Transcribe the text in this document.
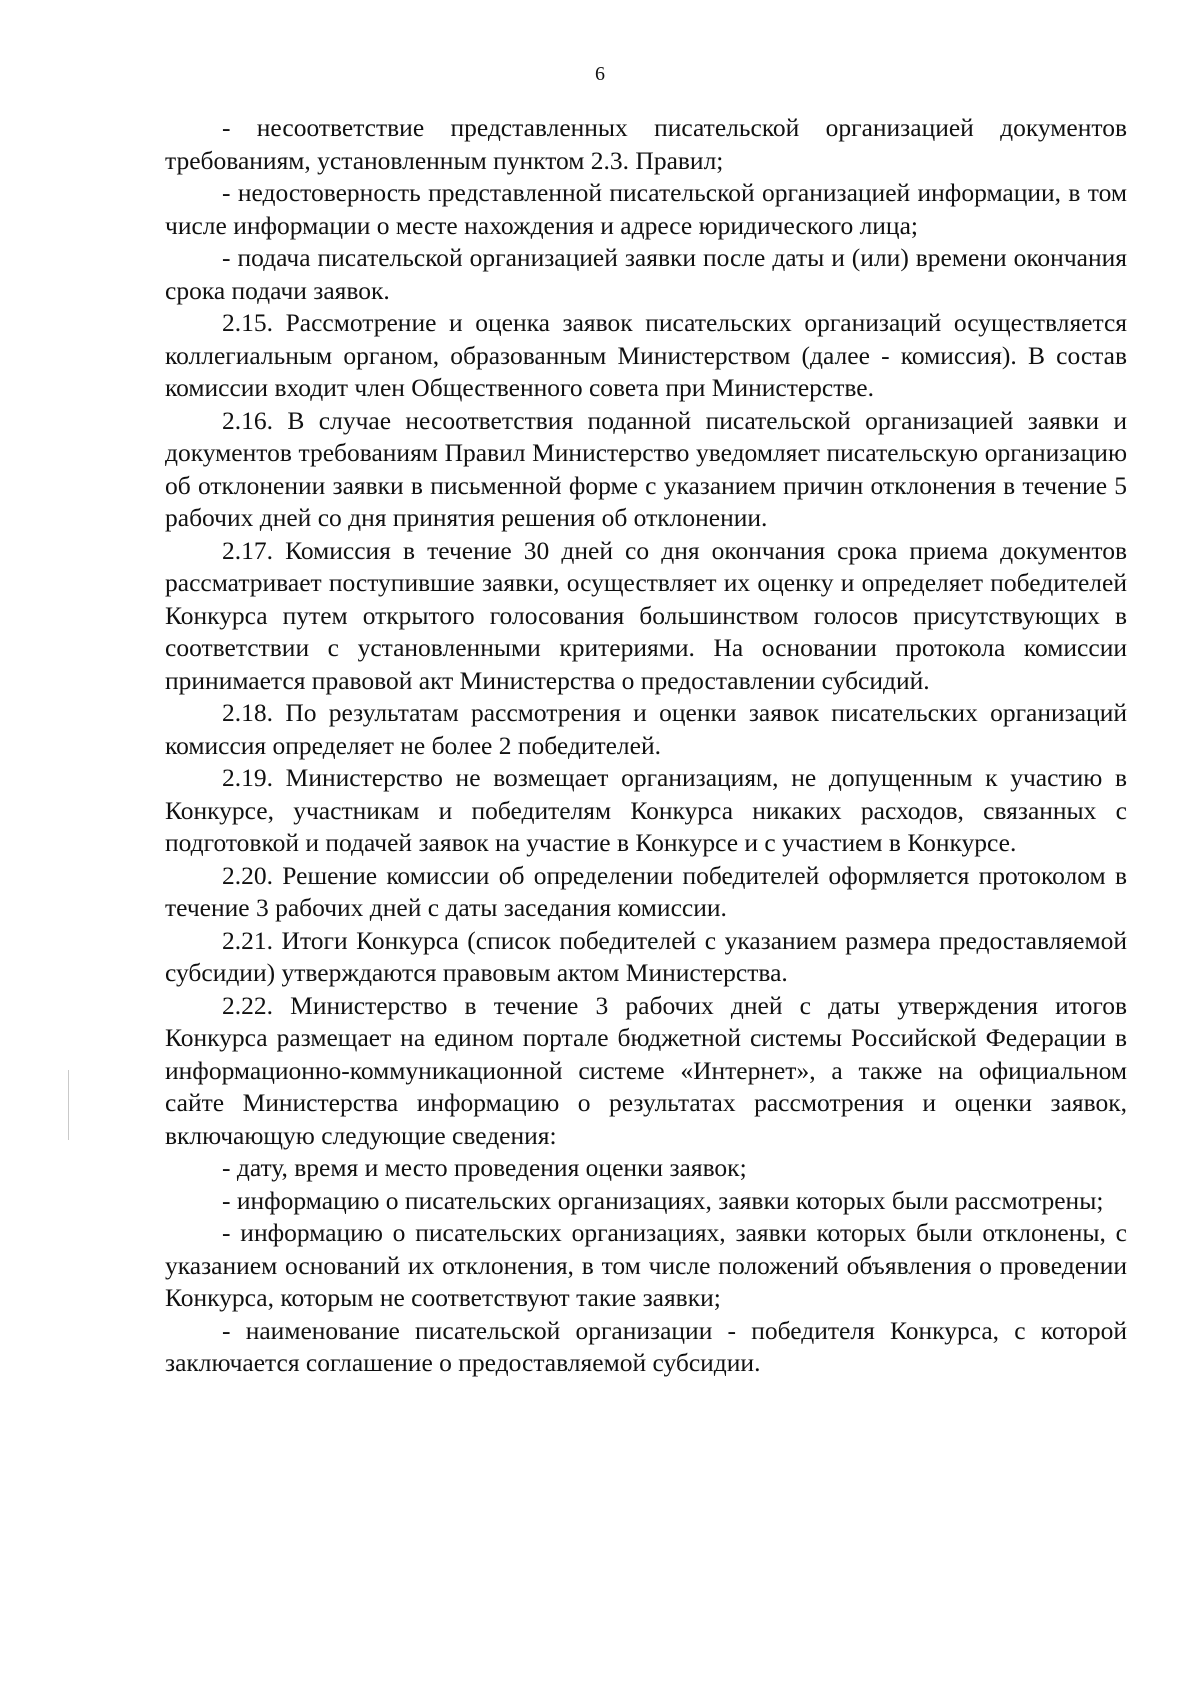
6

- несоответствие представленных писательской организацией документов требованиям, установленным пунктом 2.3. Правил;

- недостоверность представленной писательской организацией информации, в том числе информации о месте нахождения и адресе юридического лица;

- подача писательской организацией заявки после даты и (или) времени окончания срока подачи заявок.

2.15. Рассмотрение и оценка заявок писательских организаций осуществляется коллегиальным органом, образованным Министерством (далее - комиссия). В состав комиссии входит член Общественного совета при Министерстве.

2.16. В случае несоответствия поданной писательской организацией заявки и документов требованиям Правил Министерство уведомляет писательскую организацию об отклонении заявки в письменной форме с указанием причин отклонения в течение 5 рабочих дней со дня принятия решения об отклонении.

2.17. Комиссия в течение 30 дней со дня окончания срока приема документов рассматривает поступившие заявки, осуществляет их оценку и определяет победителей Конкурса путем открытого голосования большинством голосов присутствующих в соответствии с установленными критериями. На основании протокола комиссии принимается правовой акт Министерства о предоставлении субсидий.

2.18. По результатам рассмотрения и оценки заявок писательских организаций комиссия определяет не более 2 победителей.

2.19. Министерство не возмещает организациям, не допущенным к участию в Конкурсе, участникам и победителям Конкурса никаких расходов, связанных с подготовкой и подачей заявок на участие в Конкурсе и с участием в Конкурсе.

2.20. Решение комиссии об определении победителей оформляется протоколом в течение 3 рабочих дней с даты заседания комиссии.

2.21. Итоги Конкурса (список победителей с указанием размера предоставляемой субсидии) утверждаются правовым актом Министерства.

2.22. Министерство в течение 3 рабочих дней с даты утверждения итогов Конкурса размещает на едином портале бюджетной системы Российской Федерации в информационно-коммуникационной системе «Интернет», а также на официальном сайте Министерства информацию о результатах рассмотрения и оценки заявок, включающую следующие сведения:

- дату, время и место проведения оценки заявок;

- информацию о писательских организациях, заявки которых были рассмотрены;

- информацию о писательских организациях, заявки которых были отклонены, с указанием оснований их отклонения, в том числе положений объявления о проведении Конкурса, которым не соответствуют такие заявки;

- наименование писательской организации - победителя Конкурса, с которой заключается соглашение о предоставляемой субсидии.
